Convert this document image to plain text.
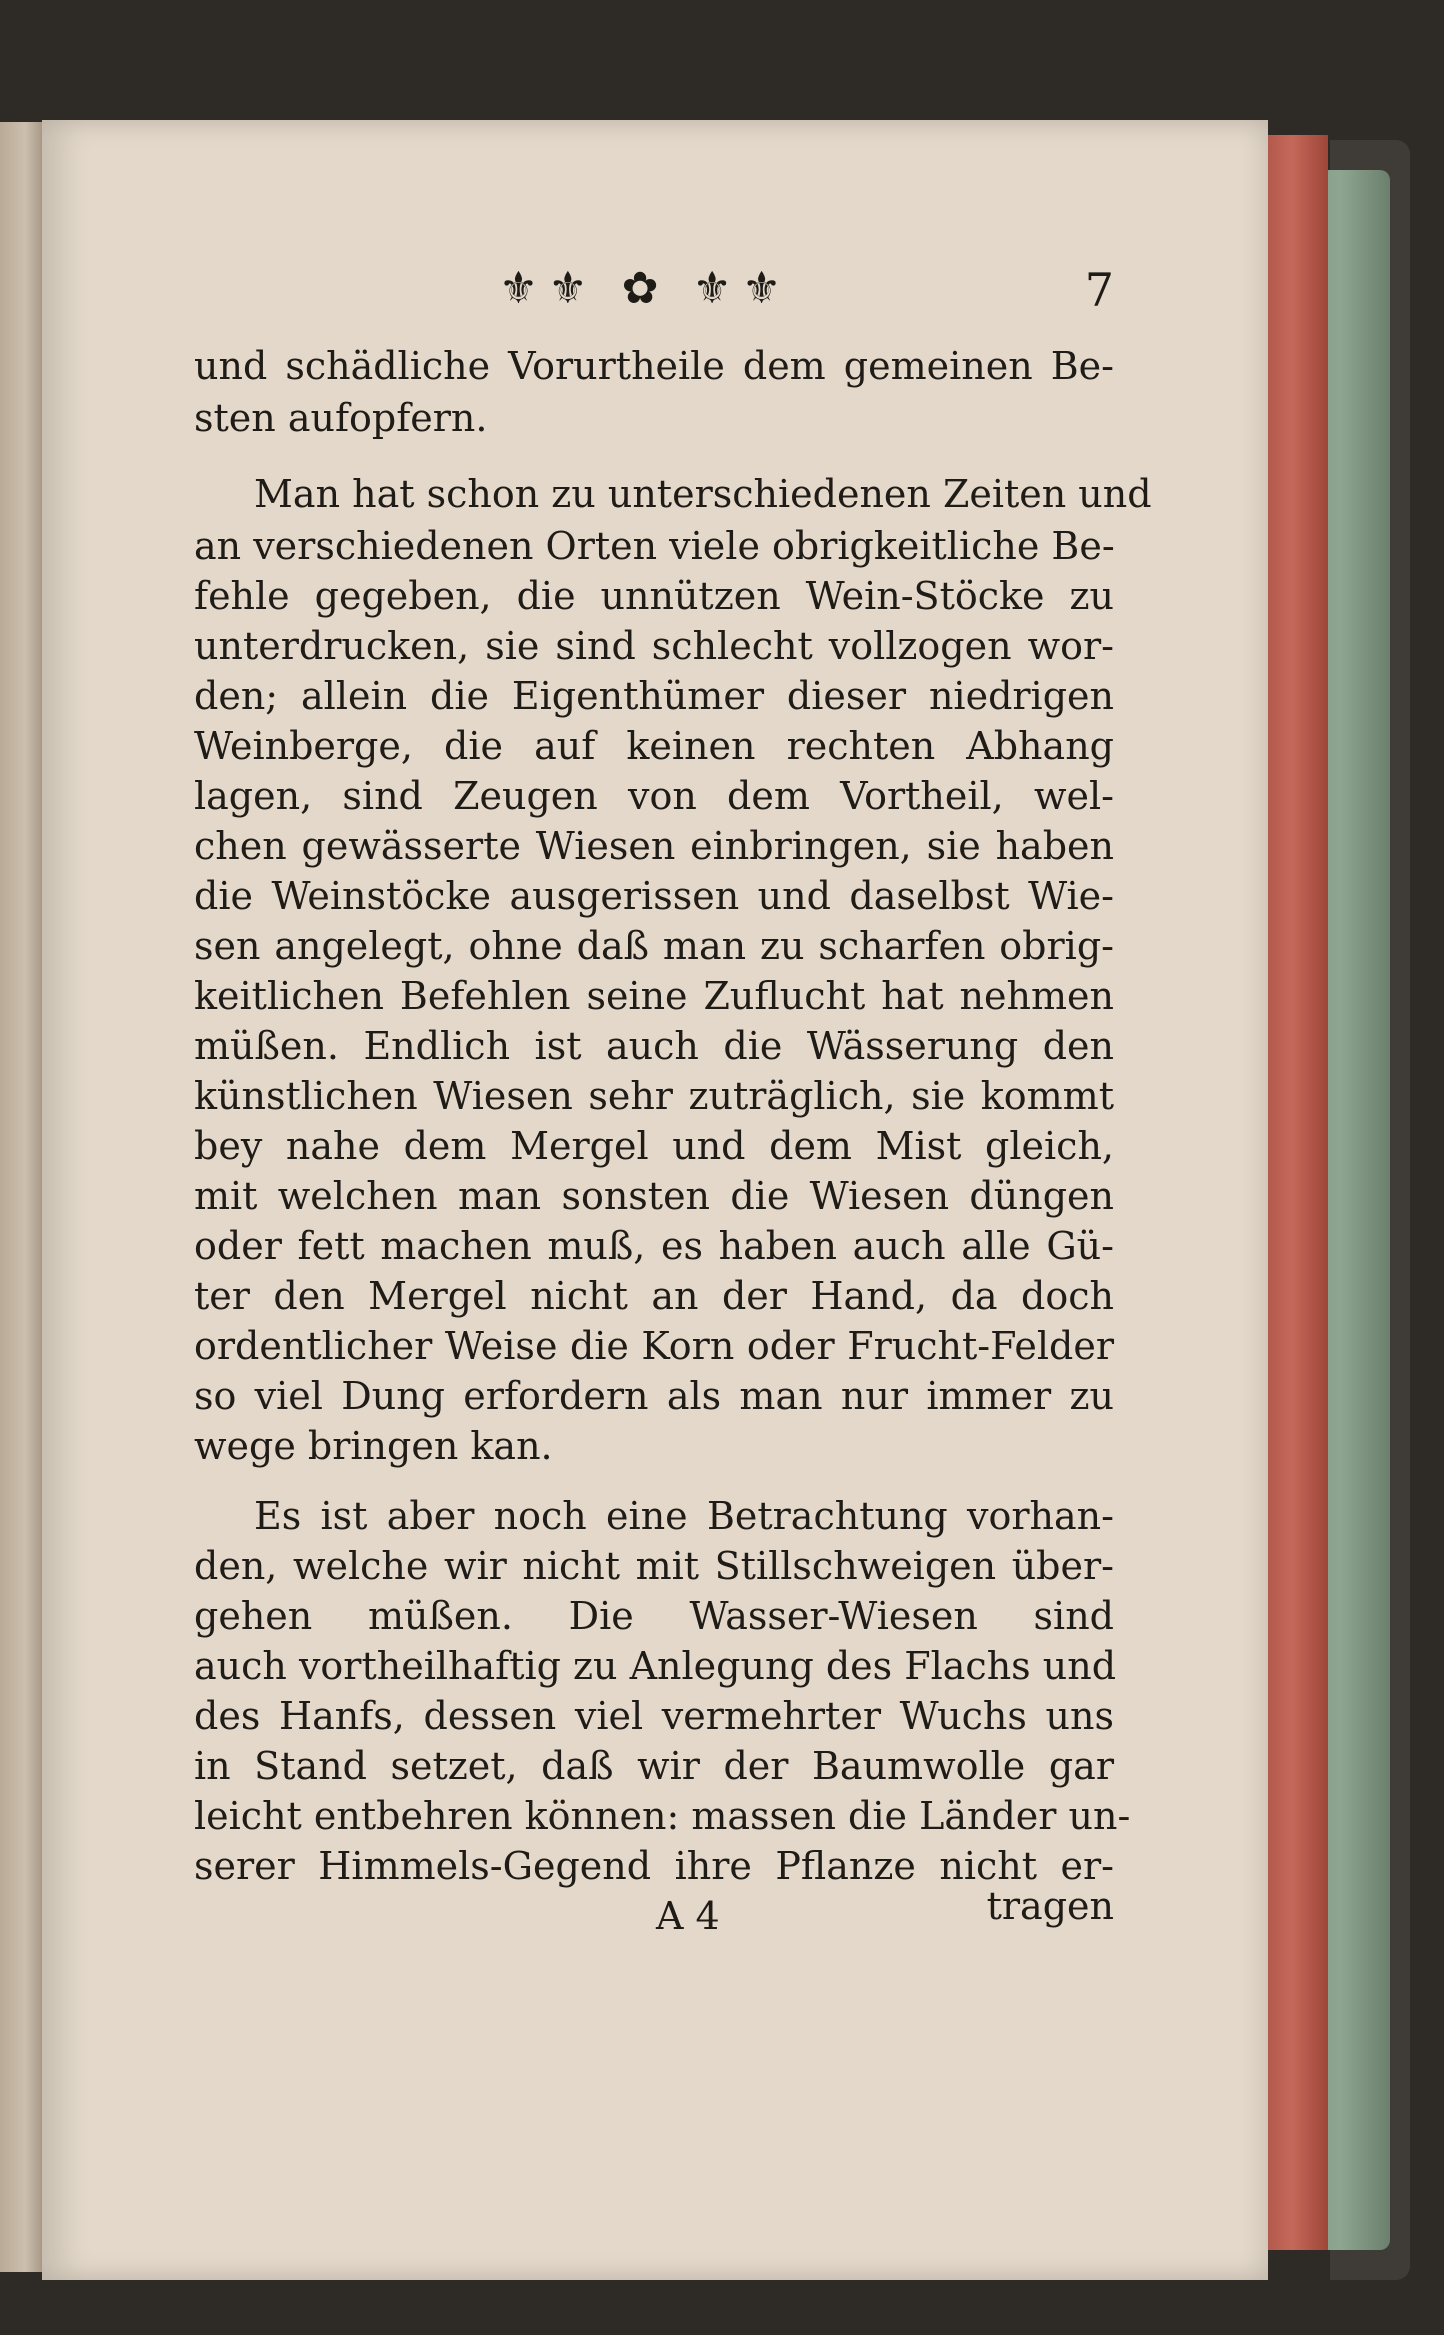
⚜⚜ ✿ ⚜⚜	7
und schädliche Vorurtheile dem gemeinen Be-
sten aufopfern.
Man hat schon zu unterschiedenen Zeiten und
an verschiedenen Orten viele obrigkeitliche Be-
fehle gegeben, die unnützen Wein-Stöcke zu
unterdrucken, sie sind schlecht vollzogen wor-
den; allein die Eigenthümer dieser niedrigen
Weinberge, die auf keinen rechten Abhang
lagen, sind Zeugen von dem Vortheil, wel-
chen gewässerte Wiesen einbringen, sie haben
die Weinstöcke ausgerissen und daselbst Wie-
sen angelegt, ohne daß man zu scharfen obrig-
keitlichen Befehlen seine Zuflucht hat nehmen
müßen. Endlich ist auch die Wässerung den
künstlichen Wiesen sehr zuträglich, sie kommt
bey nahe dem Mergel und dem Mist gleich,
mit welchen man sonsten die Wiesen düngen
oder fett machen muß, es haben auch alle Gü-
ter den Mergel nicht an der Hand, da doch
ordentlicher Weise die Korn oder Frucht-Felder
so viel Dung erfordern als man nur immer zu
wege bringen kan.
Es ist aber noch eine Betrachtung vorhan-
den, welche wir nicht mit Stillschweigen über-
gehen müßen. Die Wasser-Wiesen sind
auch vortheilhaftig zu Anlegung des Flachs und
des Hanfs, dessen viel vermehrter Wuchs uns
in Stand setzet, daß wir der Baumwolle gar
leicht entbehren können: massen die Länder un-
serer Himmels-Gegend ihre Pflanze nicht er-
A 4	tragen
